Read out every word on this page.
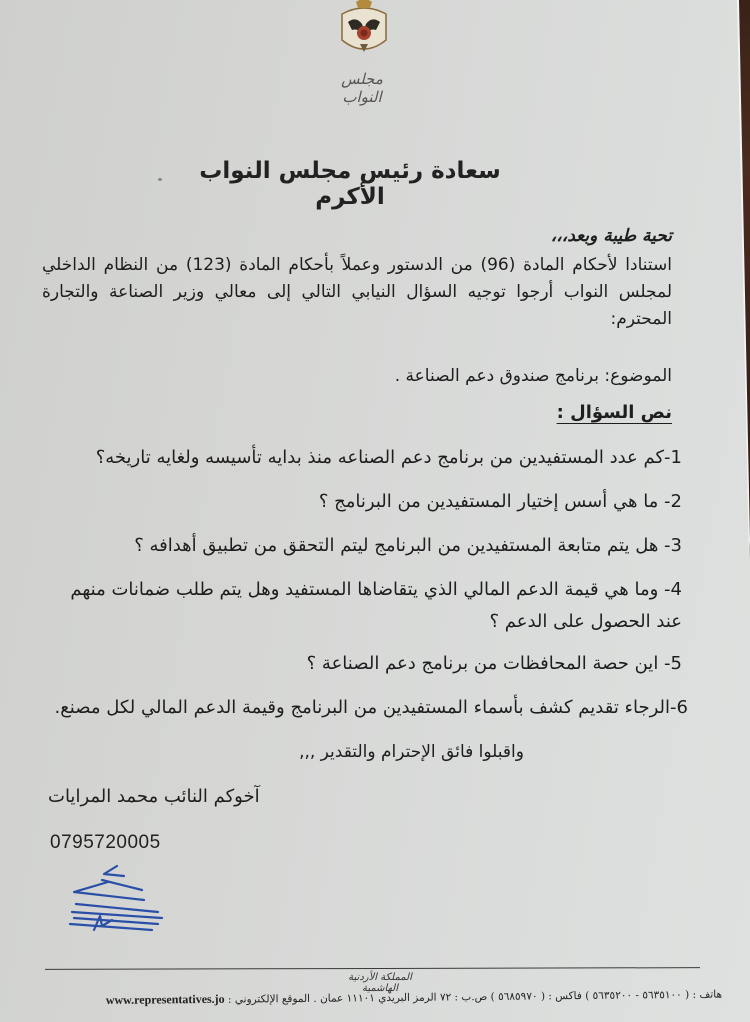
مجلس النواب
سعادة رئيس مجلس النواب الأكرم
تحية طيبة وبعد،،،
استنادا لأحكام المادة (96) من الدستور وعملاً بأحكام المادة (123) من النظام الداخلي لمجلس النواب أرجوا توجيه السؤال النيابي التالي إلى معالي وزير الصناعة والتجارة المحترم:
الموضوع: برنامج صندوق دعم الصناعة .
نص السؤال :
1-كم عدد المستفيدين من برنامج دعم الصناعه منذ بدايه تأسيسه ولغايه تاريخه؟
2- ما هي أسس إختيار المستفيدين من البرنامج ؟
3- هل يتم متابعة المستفيدين من البرنامج ليتم التحقق من تطبيق أهدافه ؟
4- وما هي قيمة الدعم المالي الذي يتقاضاها المستفيد وهل يتم طلب ضمانات منهم عند الحصول على الدعم ؟
5- اين حصة المحافظات من برنامج دعم الصناعة ؟
6-الرجاء تقديم كشف بأسماء المستفيدين من البرنامج وقيمة الدعم المالي لكل مصنع.
واقبلوا فائق الإحترام والتقدير ,,,
آخوكم النائب محمد المرايات
0795720005
المملكة الأردنية الهاشمية
هاتف : ( ٥٦٣٥١٠٠ - ٥٦٣٥٢٠٠ ) فاكس : ( ٥٦٨٥٩٧٠ ) ص.ب : ٧٢ الرمز البريدي ١١١٠١ عمان . الموقع الإلكتروني : www.representatives.jo
